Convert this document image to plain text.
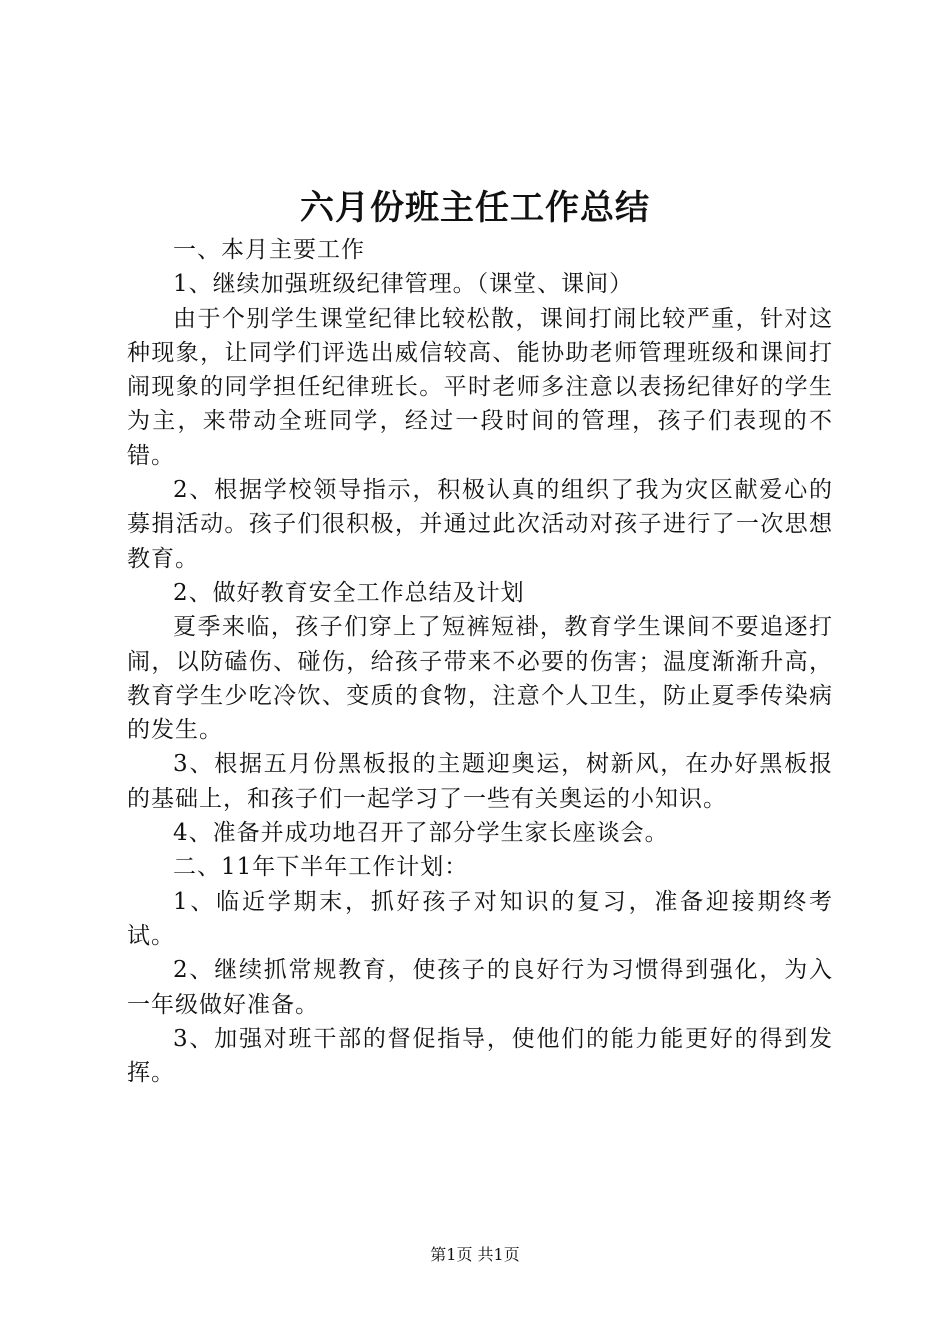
六月份班主任工作总结

一、本月主要工作

1、继续加强班级纪律管理。（课堂、课间）

由于个别学生课堂纪律比较松散，课间打闹比较严重，针对这种现象，让同学们评选出威信较高、能协助老师管理班级和课间打闹现象的同学担任纪律班长。平时老师多注意以表扬纪律好的学生为主，来带动全班同学，经过一段时间的管理，孩子们表现的不错。

2、根据学校领导指示，积极认真的组织了我为灾区献爱心的募捐活动。孩子们很积极，并通过此次活动对孩子进行了一次思想教育。

2、做好教育安全工作总结及计划

夏季来临，孩子们穿上了短裤短褂，教育学生课间不要追逐打闹，以防磕伤、碰伤，给孩子带来不必要的伤害；温度渐渐升高，教育学生少吃冷饮、变质的食物，注意个人卫生，防止夏季传染病的发生。

3、根据五月份黑板报的主题迎奥运，树新风，在办好黑板报的基础上，和孩子们一起学习了一些有关奥运的小知识。

4、准备并成功地召开了部分学生家长座谈会。

二、11年下半年工作计划：

1、临近学期末，抓好孩子对知识的复习，准备迎接期终考试。

2、继续抓常规教育，使孩子的良好行为习惯得到强化，为入一年级做好准备。

3、加强对班干部的督促指导，使他们的能力能更好的得到发挥。

第1页 共1页
